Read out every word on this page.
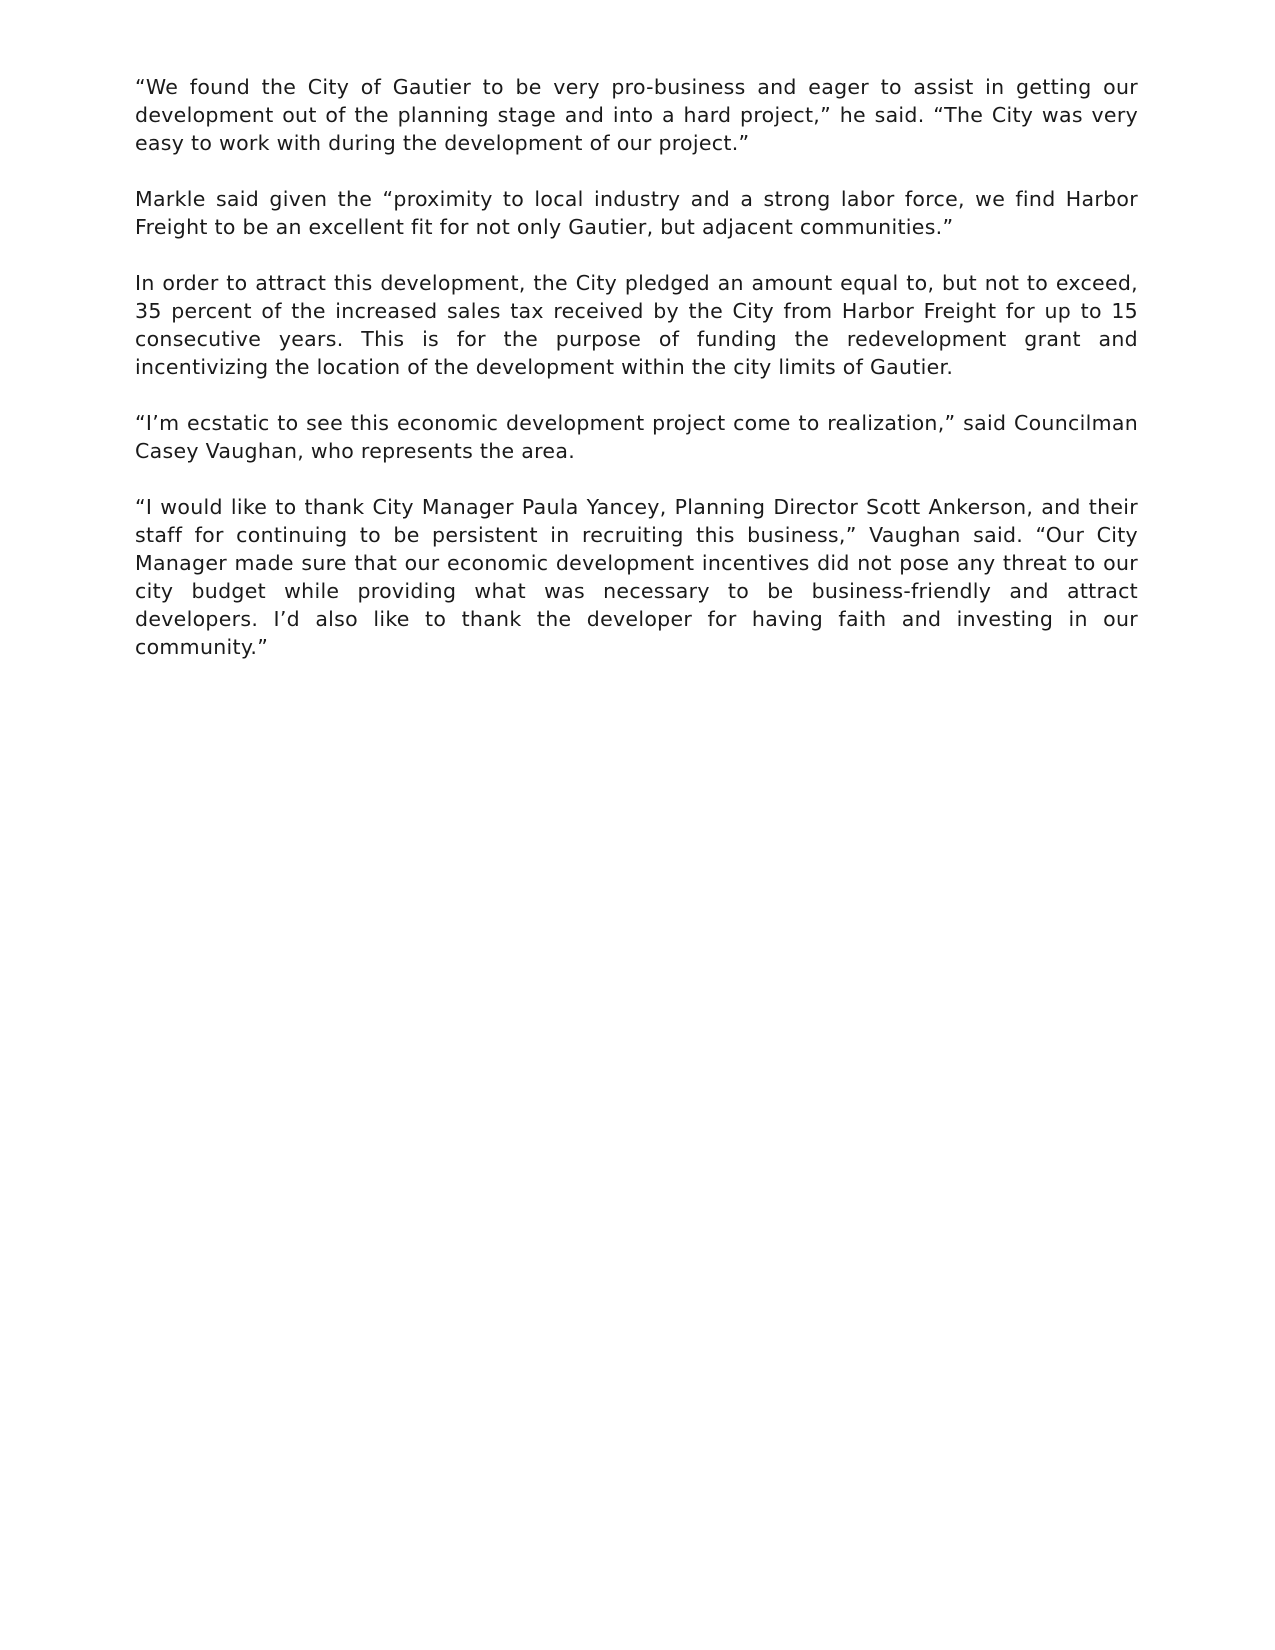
“We found the City of Gautier to be very pro-business and eager to assist in getting our development out of the planning stage and into a hard project,” he said. “The City was very easy to work with during the development of our project.”

Markle said given the “proximity to local industry and a strong labor force, we find Harbor Freight to be an excellent fit for not only Gautier, but adjacent communities.”

In order to attract this development, the City pledged an amount equal to, but not to exceed, 35 percent of the increased sales tax received by the City from Harbor Freight for up to 15 consecutive years. This is for the purpose of funding the redevelopment grant and incentivizing the location of the development within the city limits of Gautier.

“I’m ecstatic to see this economic development project come to realization,” said Councilman Casey Vaughan, who represents the area.

“I would like to thank City Manager Paula Yancey, Planning Director Scott Ankerson, and their staff for continuing to be persistent in recruiting this business,” Vaughan said. “Our City Manager made sure that our economic development incentives did not pose any threat to our city budget while providing what was necessary to be business-friendly and attract developers. I’d also like to thank the developer for having faith and investing in our community.”
